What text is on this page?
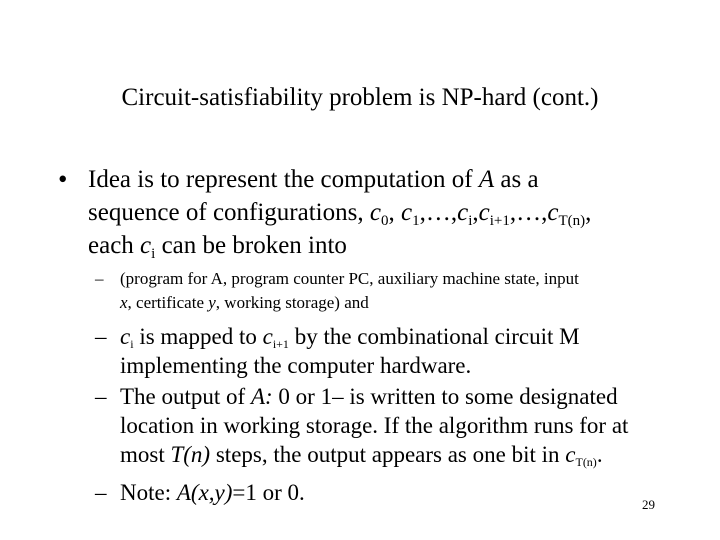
Circuit-satisfiability problem is NP-hard (cont.)
• Idea is to represent the computation of A as a
sequence of configurations, $c_0$, $c_1,\dots,c_i,c_{i+1},\dots,c_{T(n)}$,
each $c_i$ can be broken into
– (program for A, program counter PC, auxiliary machine state, input
x, certificate y, working storage) and
– ci is mapped to ci+1 by the combinational circuit M
implementing the computer hardware.
– The output of A: 0 or 1– is written to some designated
location in working storage. If the algorithm runs for at
most T(n) steps, the output appears as one bit in cT(n).
– Note: A(x,y)=1 or 0.	29
